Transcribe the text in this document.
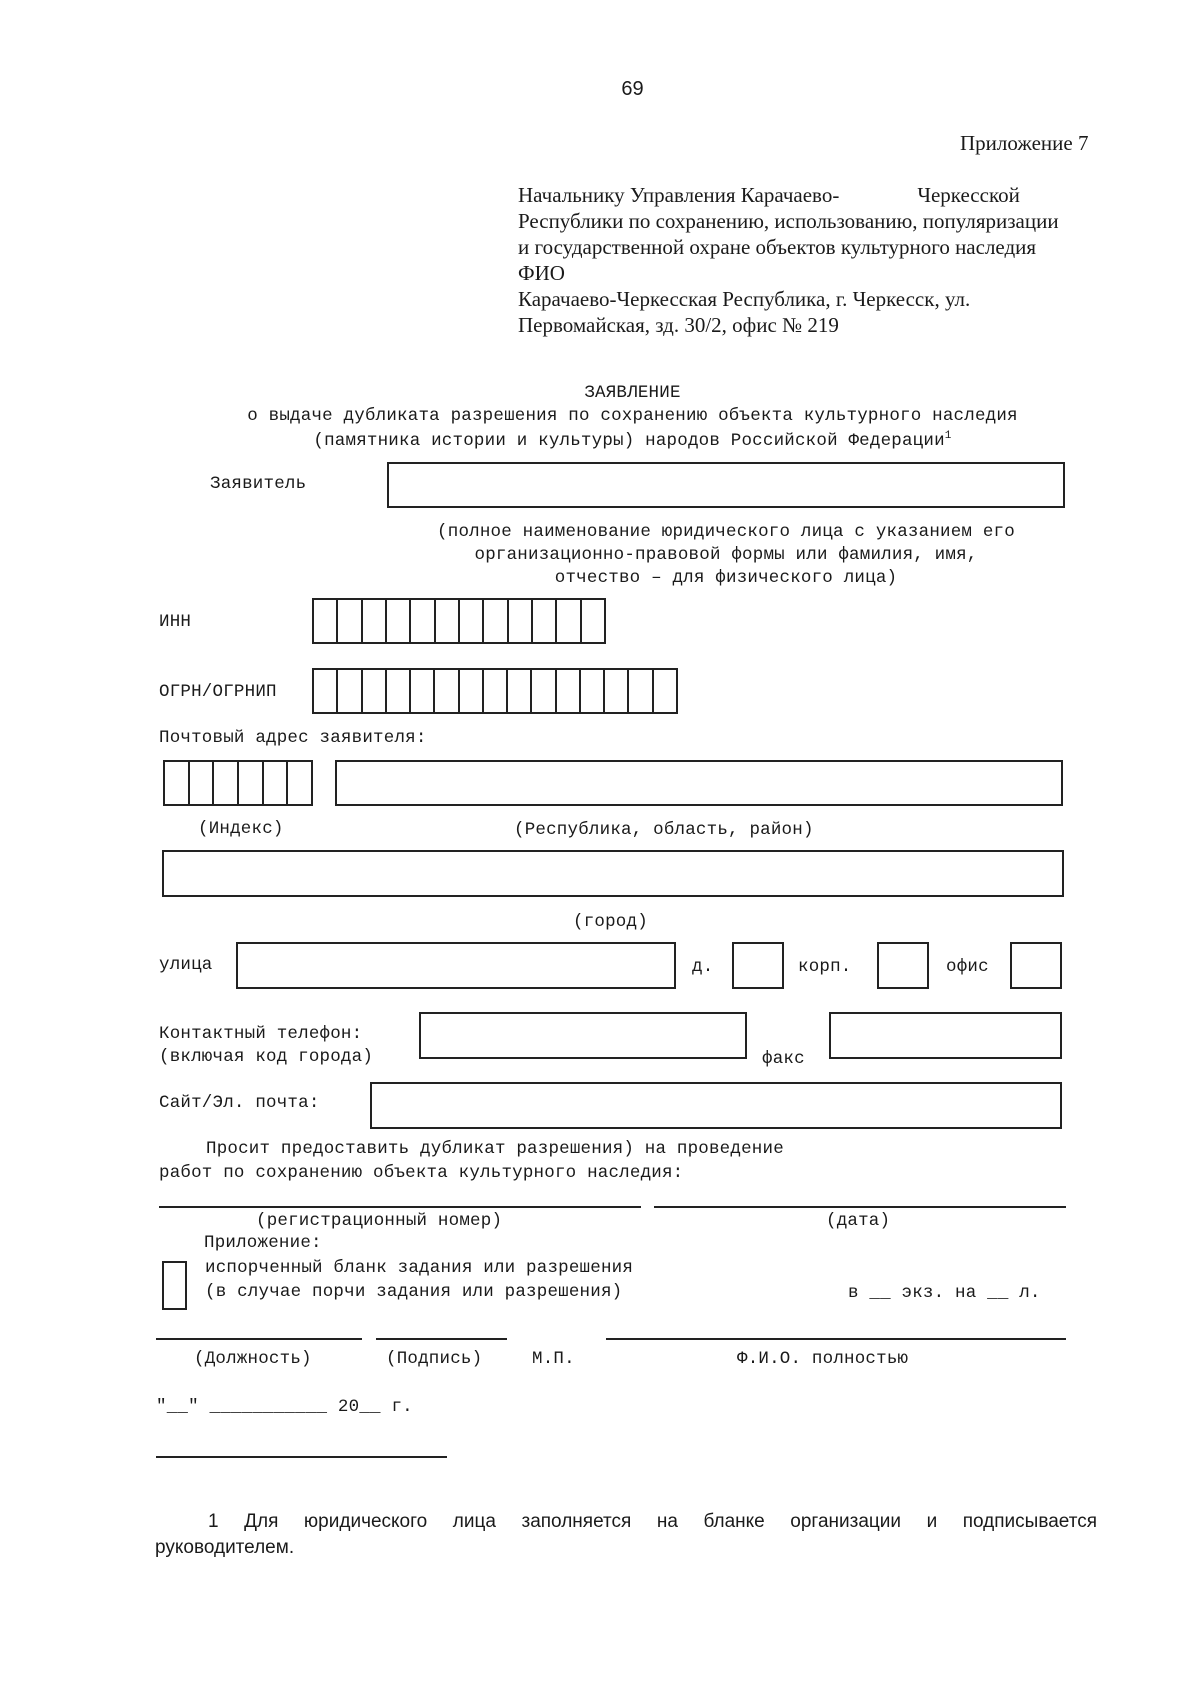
69
Приложение 7
Начальнику Управления Карачаево-	Черкесской
Республики по сохранению, использованию, популяризации
и государственной охране объектов культурного наследия
ФИО
Карачаево-Черкесская Республика, г. Черкесск, ул.
Первомайская, зд. 30/2, офис № 219
ЗАЯВЛЕНИЕ
о выдаче дубликата разрешения по сохранению объекта культурного наследия
(памятника истории и культуры) народов Российской Федерации$^1$
Заявитель
(полное наименование юридического лица с указанием его
организационно-правовой формы или фамилия, имя,
отчество – для физического лица)
ИНН
ОГРН/ОГРНИП
Почтовый адрес заявителя:
(Индекс)	(Республика, область, район)
(город)
улица	д.	корп.	офис
Контактный телефон:
(включая код города)	факс
Сайт/Эл. почта:
Просит предоставить дубликат разрешения) на проведение
работ по сохранению объекта культурного наследия:
(регистрационный номер)	(дата)
Приложение:
испорченный бланк задания или разрешения
(в случае порчи задания или разрешения)	в __ экз. на __ л.
(Должность)	(Подпись)	М.П.	Ф.И.О. полностью
"__" ___________ 20__ г.
1 Для юридического лица заполняется на бланке организации и подписывается
руководителем.
